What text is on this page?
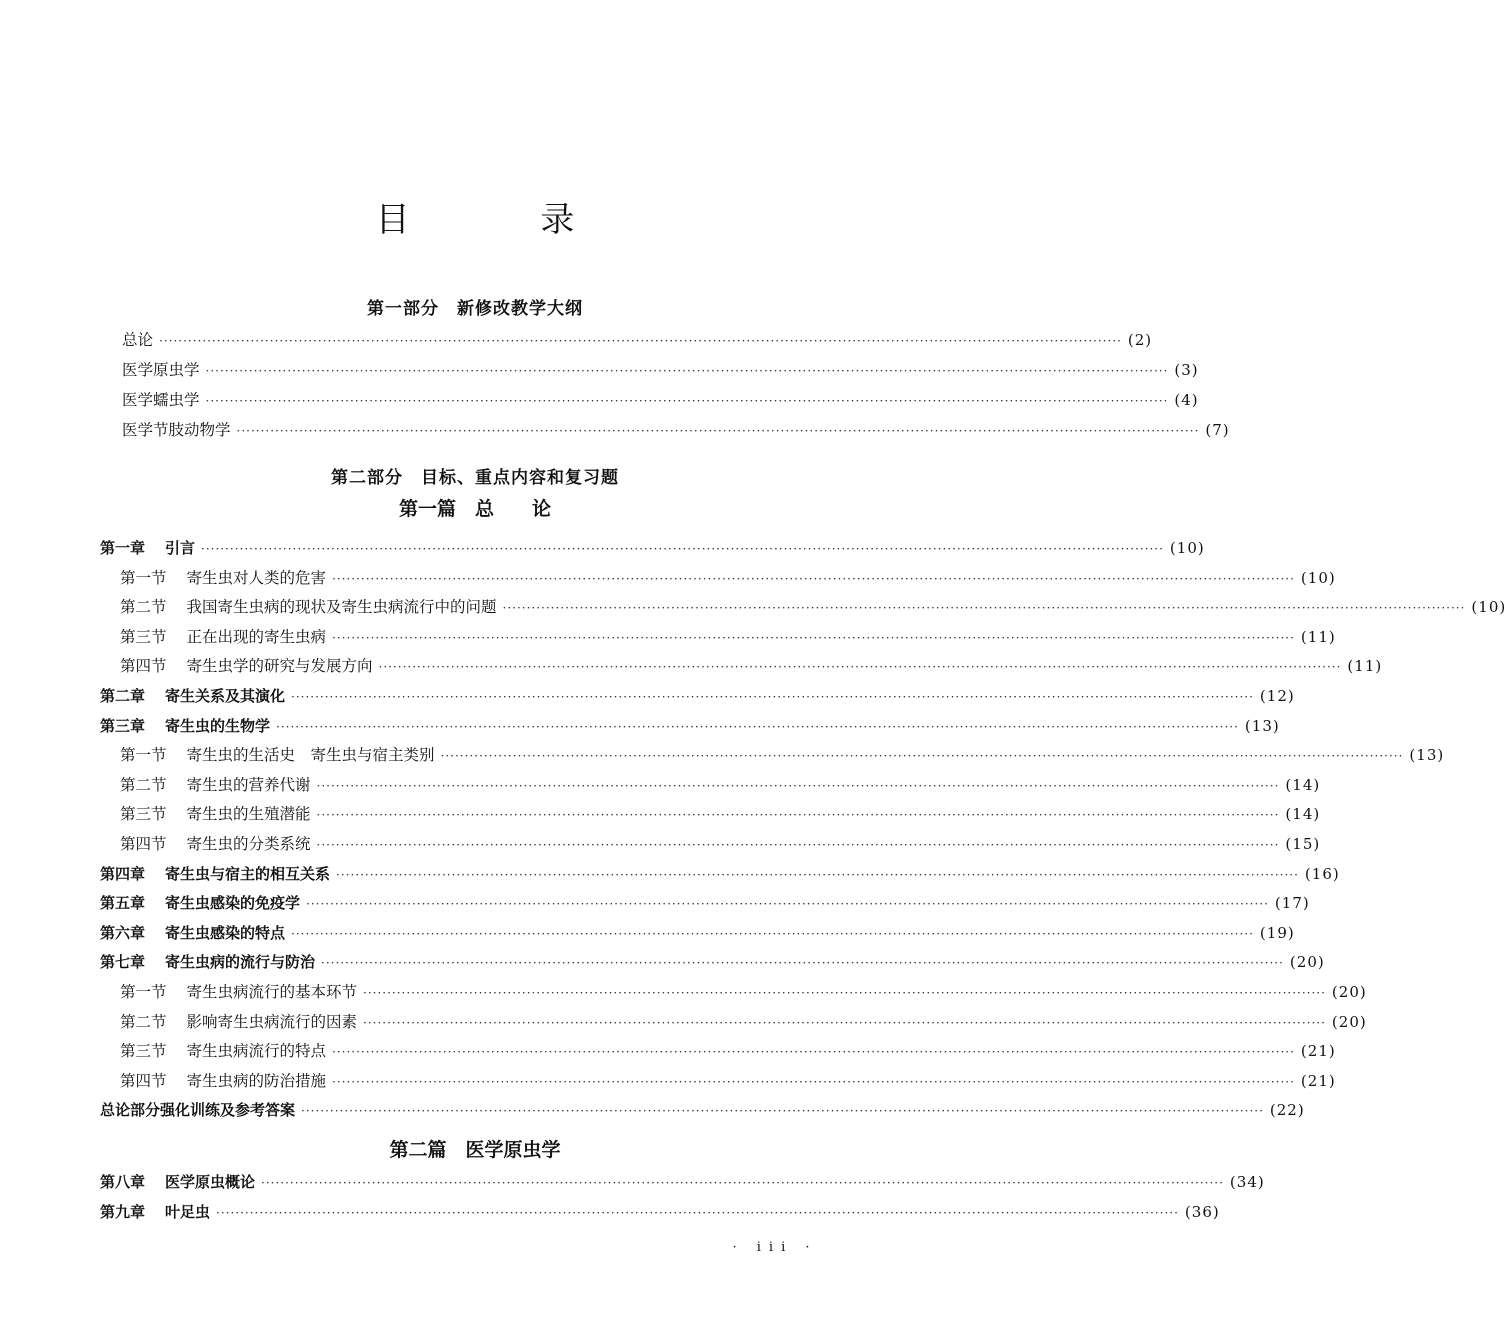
目 录
第一部分 新修改教学大纲
总论 ········································································································································································································ (2)
医学原虫学 ········································································································································································································ (3)
医学蠕虫学 ········································································································································································································ (4)
医学节肢动物学 ········································································································································································································ (7)
第二部分 目标、重点内容和复习题
第一篇　总　　论
第一章 引言 ········································································································································································································ (10)
第一节 寄生虫对人类的危害 ········································································································································································································ (10)
第二节 我国寄生虫病的现状及寄生虫病流行中的问题 ········································································································································································································ (10)
第三节 正在出现的寄生虫病 ········································································································································································································ (11)
第四节 寄生虫学的研究与发展方向 ········································································································································································································ (11)
第二章 寄生关系及其演化 ········································································································································································································ (12)
第三章 寄生虫的生物学 ········································································································································································································ (13)
第一节 寄生虫的生活史　寄生虫与宿主类别 ········································································································································································································ (13)
第二节 寄生虫的营养代谢 ········································································································································································································ (14)
第三节 寄生虫的生殖潜能 ········································································································································································································ (14)
第四节 寄生虫的分类系统 ········································································································································································································ (15)
第四章 寄生虫与宿主的相互关系 ········································································································································································································ (16)
第五章 寄生虫感染的免疫学 ········································································································································································································ (17)
第六章 寄生虫感染的特点 ········································································································································································································ (19)
第七章 寄生虫病的流行与防治 ········································································································································································································ (20)
第一节 寄生虫病流行的基本环节 ········································································································································································································ (20)
第二节 影响寄生虫病流行的因素 ········································································································································································································ (20)
第三节 寄生虫病流行的特点 ········································································································································································································ (21)
第四节 寄生虫病的防治措施 ········································································································································································································ (21)
总论部分强化训练及参考答案 ········································································································································································································ (22)
第二篇　医学原虫学
第八章 医学原虫概论 ········································································································································································································ (34)
第九章 叶足虫 ········································································································································································································ (36)
· iii ·
